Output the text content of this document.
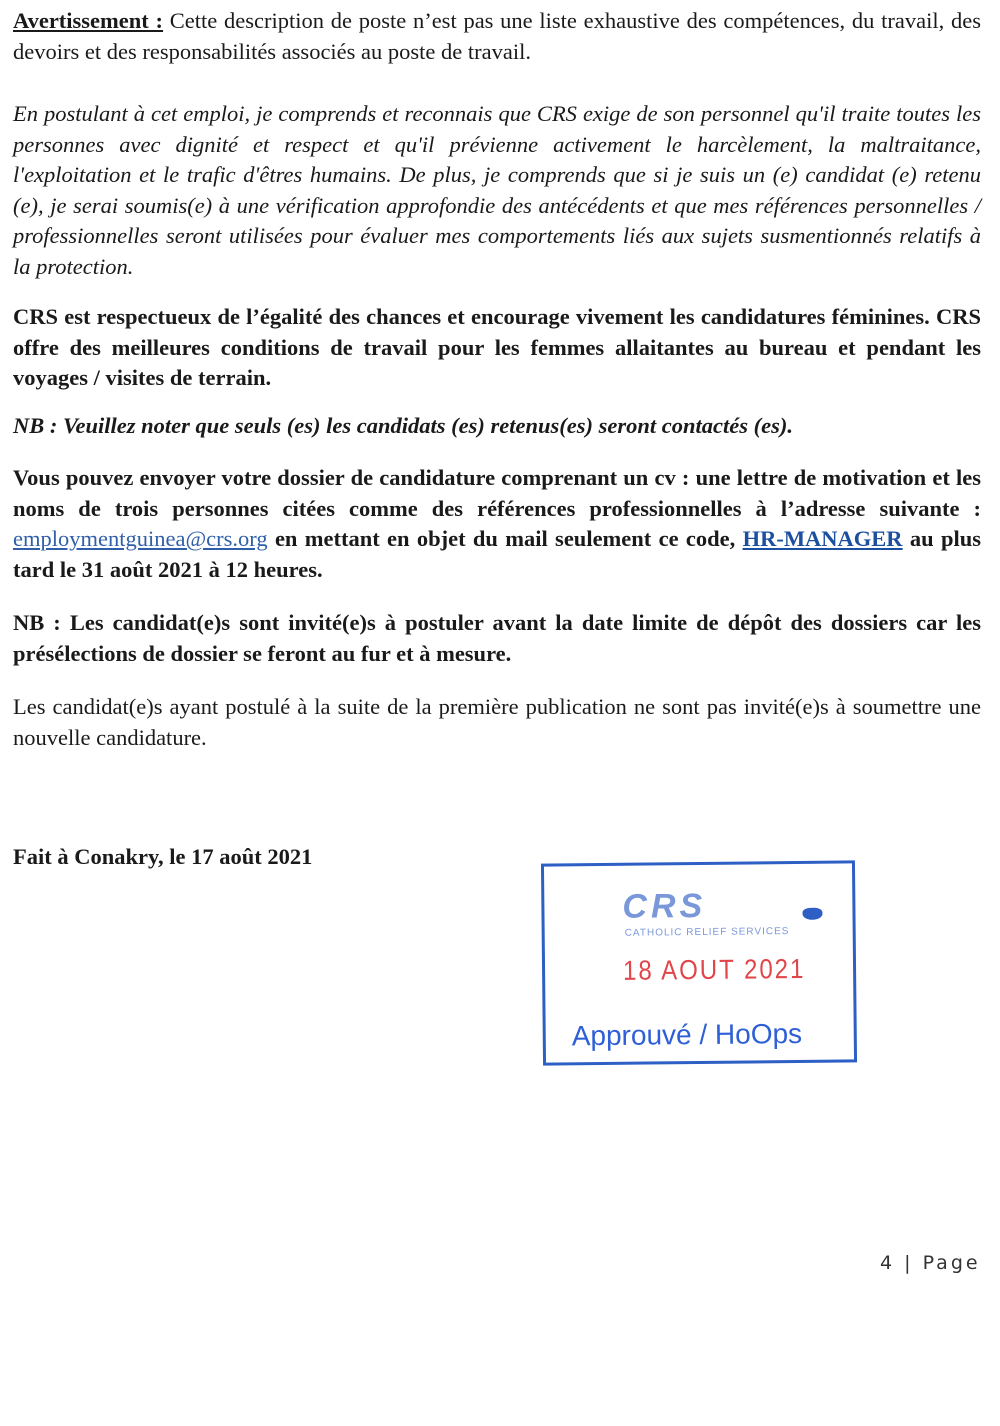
Avertissement : Cette description de poste n’est pas une liste exhaustive des compétences, du travail, des devoirs et des responsabilités associés au poste de travail.
En postulant à cet emploi, je comprends et reconnais que CRS exige de son personnel qu'il traite toutes les personnes avec dignité et respect et qu'il prévienne activement le harcèlement, la maltraitance, l'exploitation et le trafic d'êtres humains. De plus, je comprends que si je suis un (e) candidat (e) retenu (e), je serai soumis(e) à une vérification approfondie des antécédents et que mes références personnelles / professionnelles seront utilisées pour évaluer mes comportements liés aux sujets susmentionnés relatifs à la protection.
CRS est respectueux de l’égalité des chances et encourage vivement les candidatures féminines. CRS offre des meilleures conditions de travail pour les femmes allaitantes au bureau et pendant les voyages / visites de terrain.
NB : Veuillez noter que seuls (es) les candidats (es) retenus(es) seront contactés (es).
Vous pouvez envoyer votre dossier de candidature comprenant un cv : une lettre de motivation et les noms de trois personnes citées comme des références professionnelles à l’adresse suivante : employmentguinea@crs.org en mettant en objet du mail seulement ce code, HR-MANAGER au plus tard le 31 août 2021 à 12 heures.
NB : Les candidat(e)s sont invité(e)s à postuler avant la date limite de dépôt des dossiers car les présélections de dossier se feront au fur et à mesure.
Les candidat(e)s ayant postulé à la suite de la première publication ne sont pas invité(e)s à soumettre une nouvelle candidature.
Fait à Conakry, le 17 août 2021
CRS
CATHOLIC RELIEF SERVICES
18 AOUT 2021
Approuvé / HoOps
4 | Page
